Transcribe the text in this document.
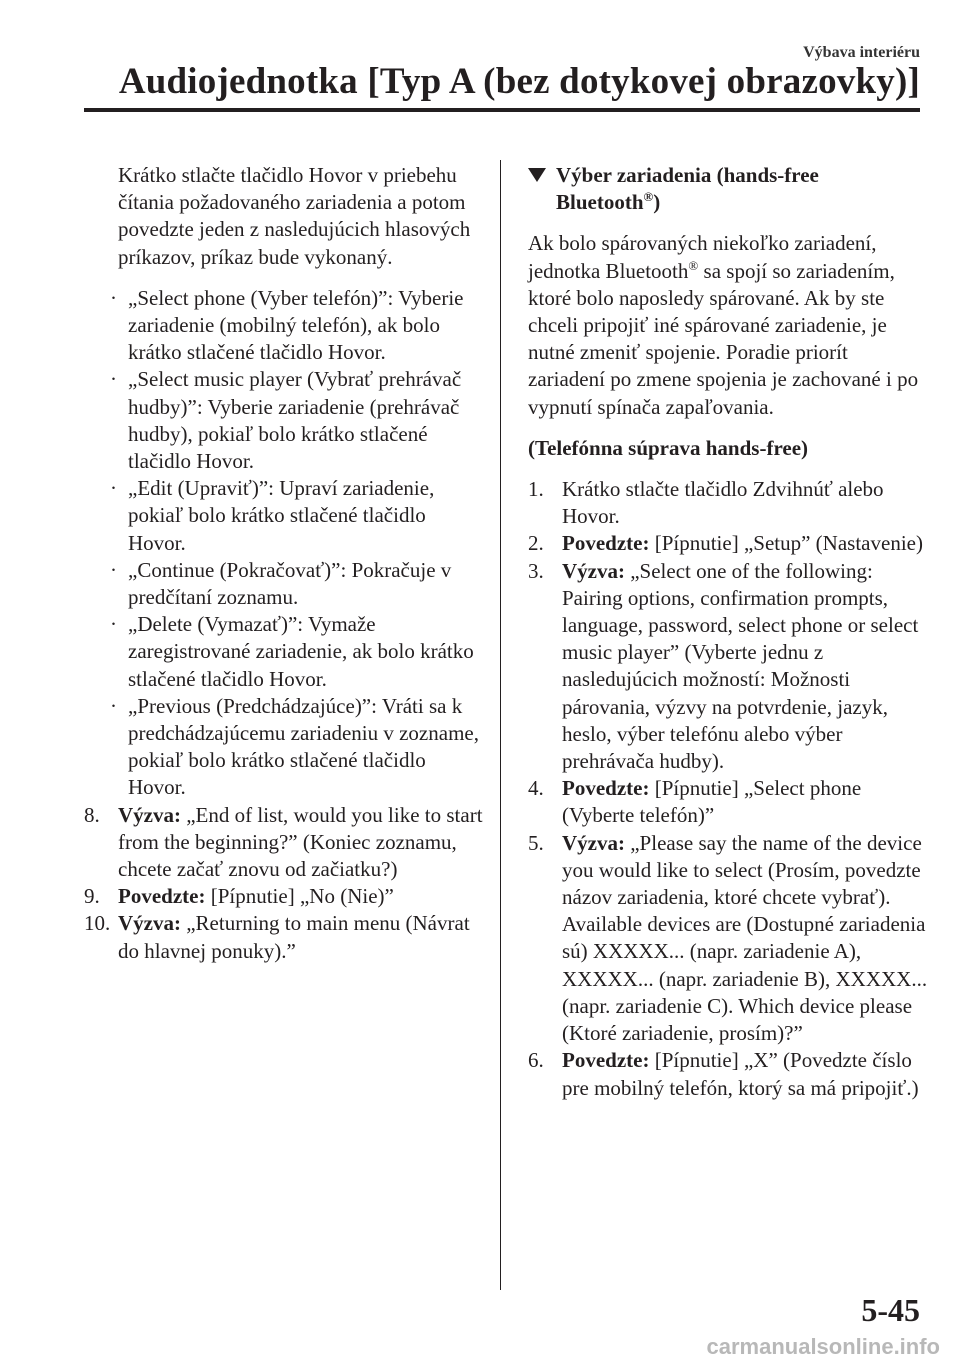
Výbava interiéru
Audiojednotka [Typ A (bez dotykovej obrazovky)]
Krátko stlačte tlačidlo Hovor v priebehu čítania požadovaného zariadenia a potom povedzte jeden z nasledujúcich hlasových príkazov, príkaz bude vykonaný.
· „Select phone (Vyber telefón)”: Vyberie zariadenie (mobilný telefón), ak bolo krátko stlačené tlačidlo Hovor.
· „Select music player (Vybrať prehrávač hudby)”: Vyberie zariadenie (prehrávač hudby), pokiaľ bolo krátko stlačené tlačidlo Hovor.
· „Edit (Upraviť)”: Upraví zariadenie, pokiaľ bolo krátko stlačené tlačidlo Hovor.
· „Continue (Pokračovať)”: Pokračuje v predčítaní zoznamu.
· „Delete (Vymazať)”: Vymaže zaregistrované zariadenie, ak bolo krátko stlačené tlačidlo Hovor.
· „Previous (Predchádzajúce)”: Vráti sa k predchádzajúcemu zariadeniu v zozname, pokiaľ bolo krátko stlačené tlačidlo Hovor.
8. Výzva: „End of list, would you like to start from the beginning?” (Koniec zoznamu, chcete začať znovu od začiatku?)
9. Povedzte: [Pípnutie] „No (Nie)”
10. Výzva: „Returning to main menu (Návrat do hlavnej ponuky).”
Výber zariadenia (hands-free Bluetooth®)
Ak bolo spárovaných niekoľko zariadení, jednotka Bluetooth® sa spojí so zariadením, ktoré bolo naposledy spárované. Ak by ste chceli pripojiť iné spárované zariadenie, je nutné zmeniť spojenie. Poradie priorít zariadení po zmene spojenia je zachované i po vypnutí spínača zapaľovania.
(Telefónna súprava hands-free)
1. Krátko stlačte tlačidlo Zdvihnúť alebo Hovor.
2. Povedzte: [Pípnutie] „Setup” (Nastavenie)
3. Výzva: „Select one of the following: Pairing options, confirmation prompts, language, password, select phone or select music player” (Vyberte jednu z nasledujúcich možností: Možnosti párovania, výzvy na potvrdenie, jazyk, heslo, výber telefónu alebo výber prehrávača hudby).
4. Povedzte: [Pípnutie] „Select phone (Vyberte telefón)”
5. Výzva: „Please say the name of the device you would like to select (Prosím, povedzte názov zariadenia, ktoré chcete vybrať). Available devices are (Dostupné zariadenia sú) XXXXX... (napr. zariadenie A), XXXXX... (napr. zariadenie B), XXXXX... (napr. zariadenie C). Which device please (Ktoré zariadenie, prosím)?”
6. Povedzte: [Pípnutie] „X” (Povedzte číslo pre mobilný telefón, ktorý sa má pripojiť.)
5-45
carmanualsonline.info
